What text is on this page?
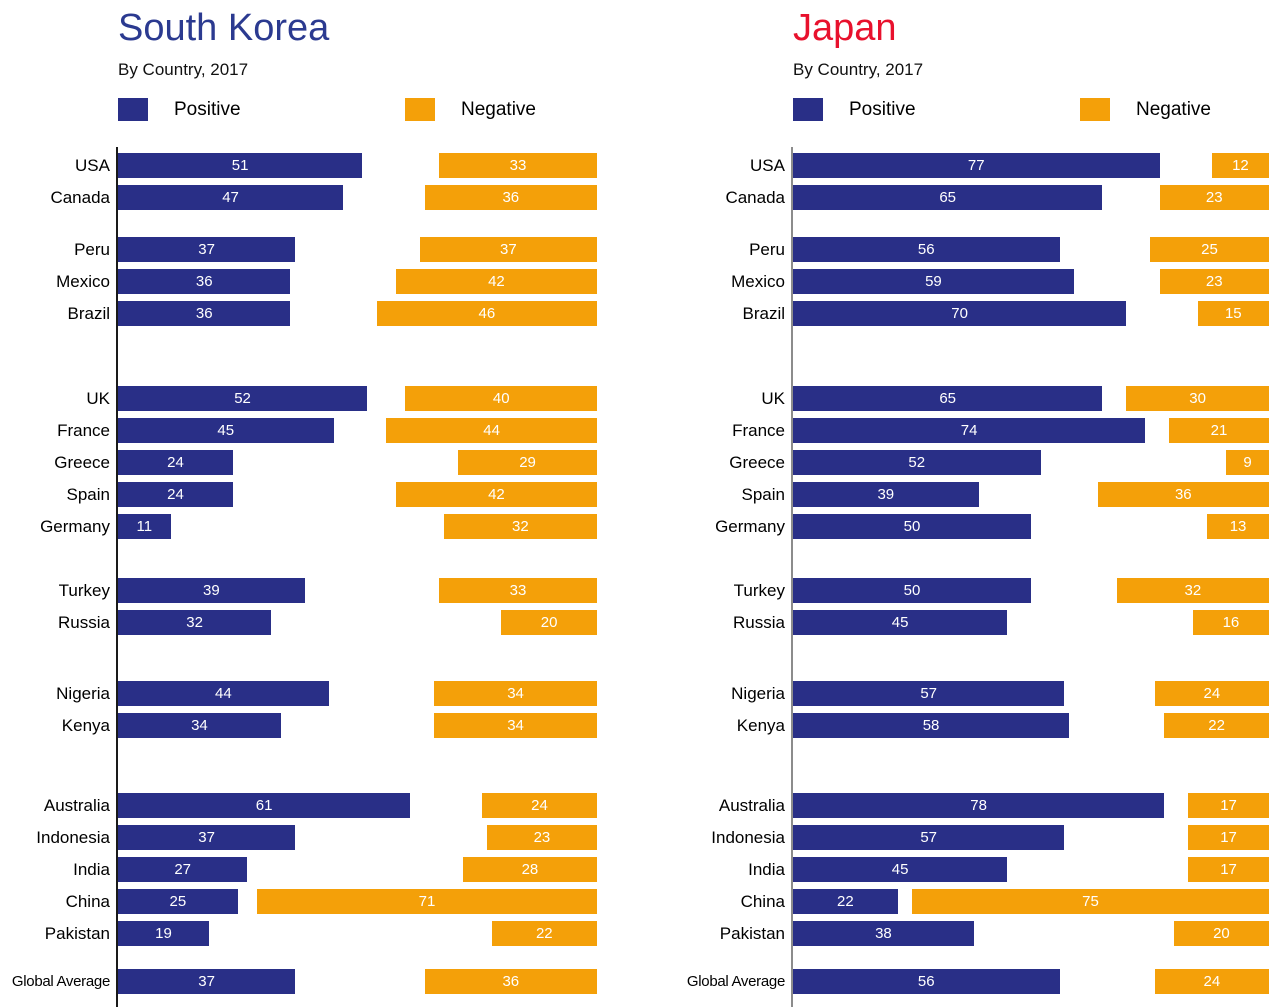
South Korea
By Country, 2017
Positive	Negative
USA	51	33
Canada	47	36
Peru	37	37
Mexico	36	42
Brazil	36	46
UK	52	40
France	45	44
Greece	24	29
Spain	24	42
Germany	11	32
Turkey	39	33
Russia	32	20
Nigeria	44	34
Kenya	34	34
Australia	61	24
Indonesia	37	23
India	27	28
China	25	71
Pakistan	19	22
Global Average	37	36
Japan
By Country, 2017
Positive	Negative
USA	77	12
Canada	65	23
Peru	56	25
Mexico	59	23
Brazil	70	15
UK	65	30
France	74	21
Greece	52	9
Spain	39	36
Germany	50	13
Turkey	50	32
Russia	45	16
Nigeria	57	24
Kenya	58	22
Australia	78	17
Indonesia	57	17
India	45	17
China	22	75
Pakistan	38	20
Global Average	56	24
